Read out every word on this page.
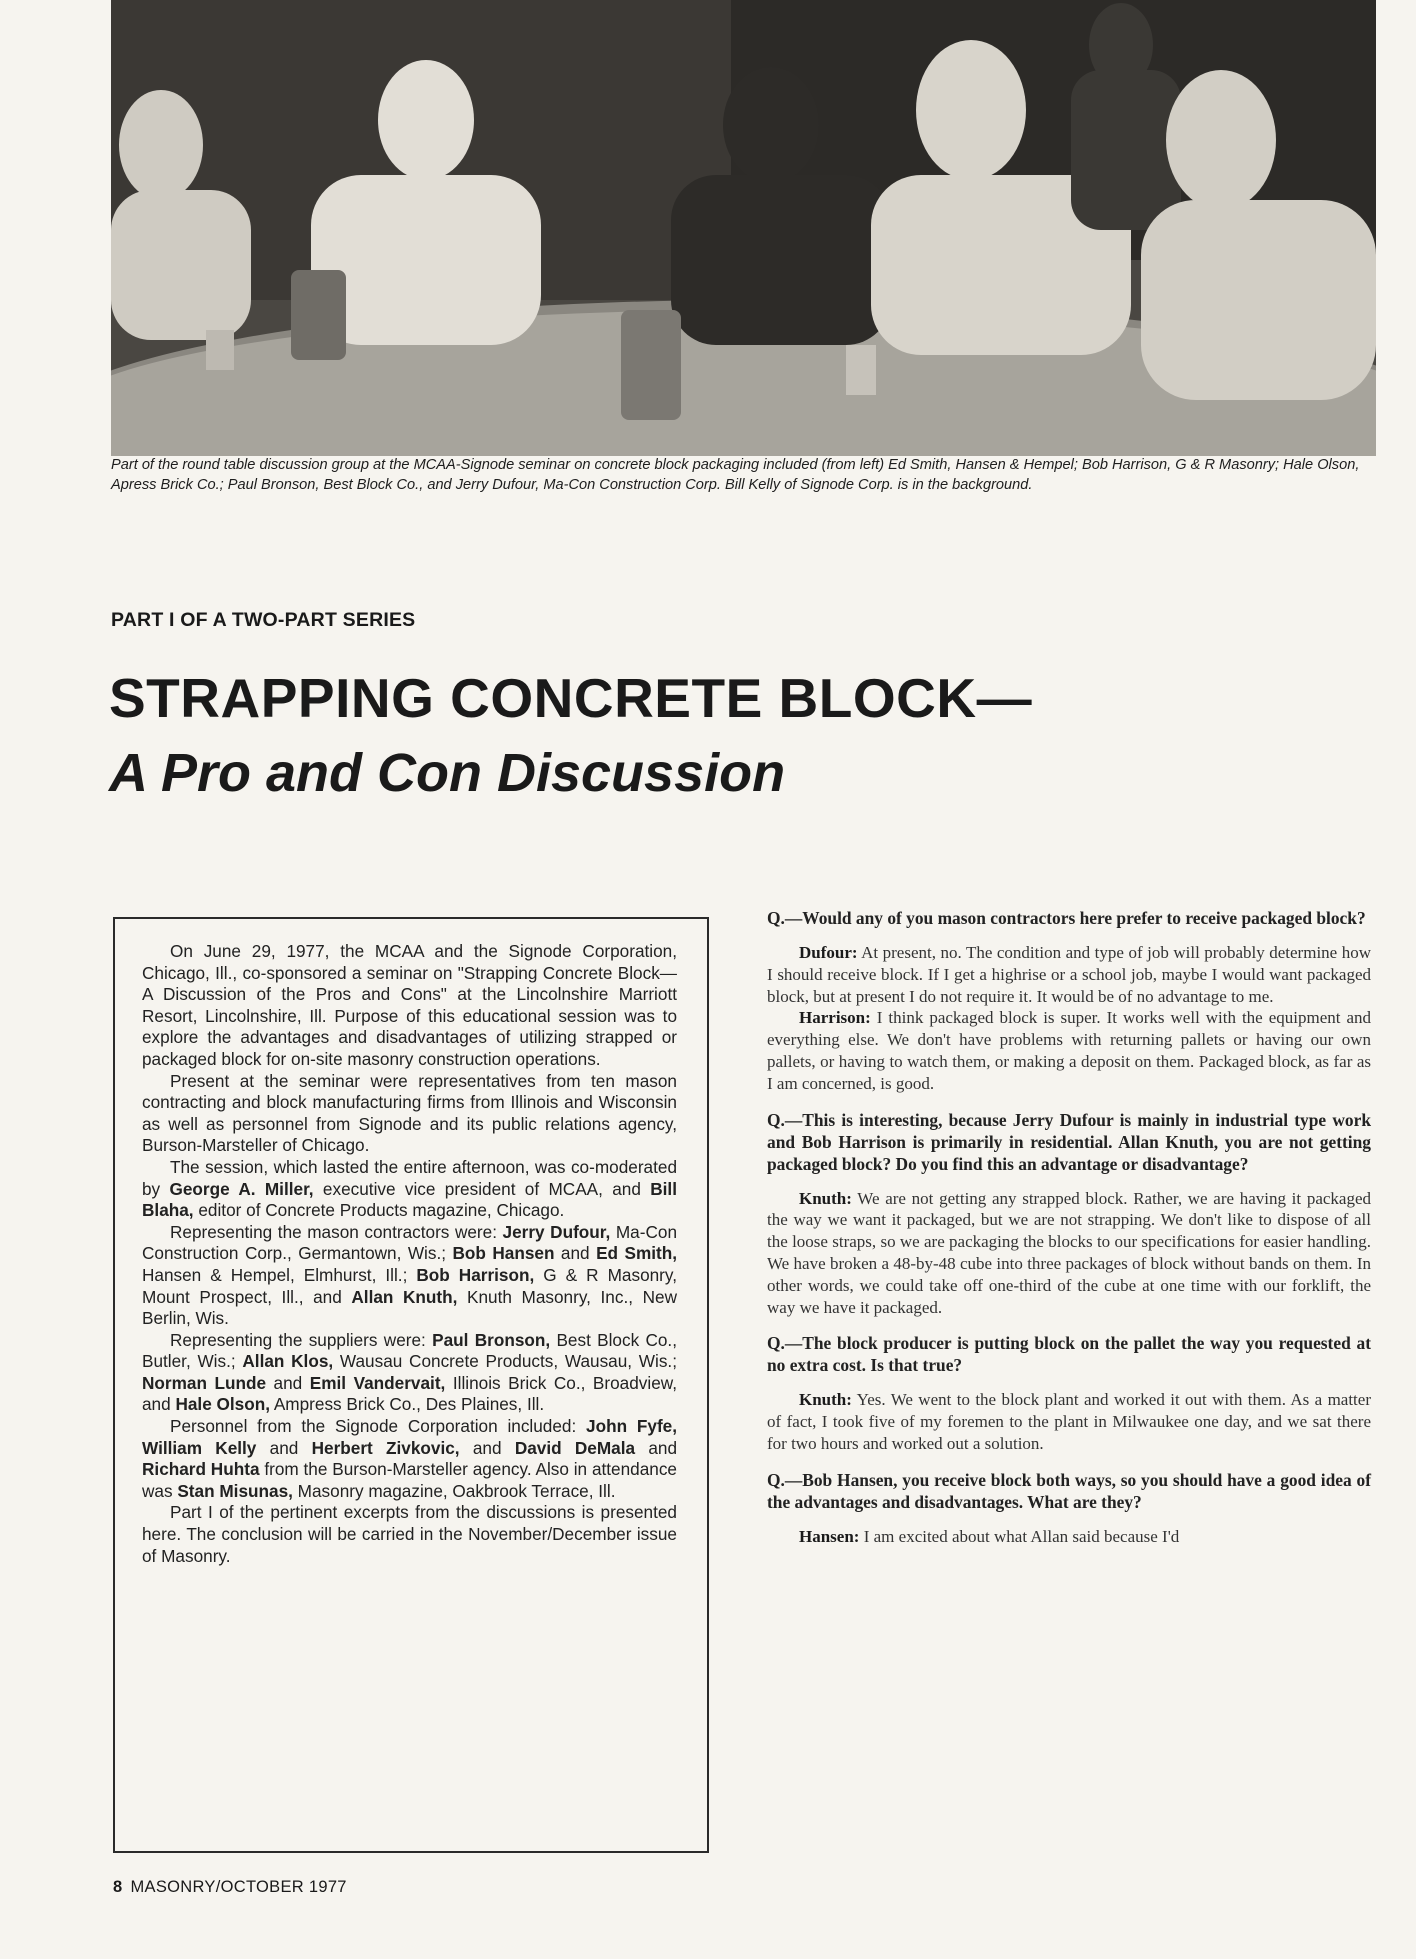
Part of the round table discussion group at the MCAA-Signode seminar on concrete block packaging included (from left) Ed Smith, Hansen & Hempel; Bob Harrison, G & R Masonry; Hale Olson, Apress Brick Co.; Paul Bronson, Best Block Co., and Jerry Dufour, Ma-Con Construction Corp. Bill Kelly of Signode Corp. is in the background.
PART I OF A TWO-PART SERIES
STRAPPING CONCRETE BLOCK—
A Pro and Con Discussion

On June 29, 1977, the MCAA and the Signode Corporation, Chicago, Ill., co-sponsored a seminar on "Strapping Concrete Block—A Discussion of the Pros and Cons" at the Lincolnshire Marriott Resort, Lincolnshire, Ill. Purpose of this educational session was to explore the advantages and disadvantages of utilizing strapped or packaged block for on-site masonry construction operations.

Present at the seminar were representatives from ten mason contracting and block manufacturing firms from Illinois and Wisconsin as well as personnel from Signode and its public relations agency, Burson-Marsteller of Chicago.

The session, which lasted the entire afternoon, was co-moderated by George A. Miller, executive vice president of MCAA, and Bill Blaha, editor of Concrete Products magazine, Chicago.

Representing the mason contractors were: Jerry Dufour, Ma-Con Construction Corp., Germantown, Wis.; Bob Hansen and Ed Smith, Hansen & Hempel, Elmhurst, Ill.; Bob Harrison, G & R Masonry, Mount Prospect, Ill., and Allan Knuth, Knuth Masonry, Inc., New Berlin, Wis.

Representing the suppliers were: Paul Bronson, Best Block Co., Butler, Wis.; Allan Klos, Wausau Concrete Products, Wausau, Wis.; Norman Lunde and Emil Vandervait, Illinois Brick Co., Broadview, and Hale Olson, Ampress Brick Co., Des Plaines, Ill.

Personnel from the Signode Corporation included: John Fyfe, William Kelly and Herbert Zivkovic, and David DeMala and Richard Huhta from the Burson-Marsteller agency. Also in attendance was Stan Misunas, Masonry magazine, Oakbrook Terrace, Ill.

Part I of the pertinent excerpts from the discussions is presented here. The conclusion will be carried in the November/December issue of Masonry.

Q.—Would any of you mason contractors here prefer to receive packaged block?

Dufour: At present, no. The condition and type of job will probably determine how I should receive block. If I get a highrise or a school job, maybe I would want packaged block, but at present I do not require it. It would be of no advantage to me.

Harrison: I think packaged block is super. It works well with the equipment and everything else. We don't have problems with returning pallets or having our own pallets, or having to watch them, or making a deposit on them. Packaged block, as far as I am concerned, is good.

Q.—This is interesting, because Jerry Dufour is mainly in industrial type work and Bob Harrison is primarily in residential. Allan Knuth, you are not getting packaged block? Do you find this an advantage or disadvantage?

Knuth: We are not getting any strapped block. Rather, we are having it packaged the way we want it packaged, but we are not strapping. We don't like to dispose of all the loose straps, so we are packaging the blocks to our specifications for easier handling. We have broken a 48-by-48 cube into three packages of block without bands on them. In other words, we could take off one-third of the cube at one time with our forklift, the way we have it packaged.

Q.—The block producer is putting block on the pallet the way you requested at no extra cost. Is that true?

Knuth: Yes. We went to the block plant and worked it out with them. As a matter of fact, I took five of my foremen to the plant in Milwaukee one day, and we sat there for two hours and worked out a solution.

Q.—Bob Hansen, you receive block both ways, so you should have a good idea of the advantages and disadvantages. What are they?

Hansen: I am excited about what Allan said because I'd

8 MASONRY/OCTOBER 1977
